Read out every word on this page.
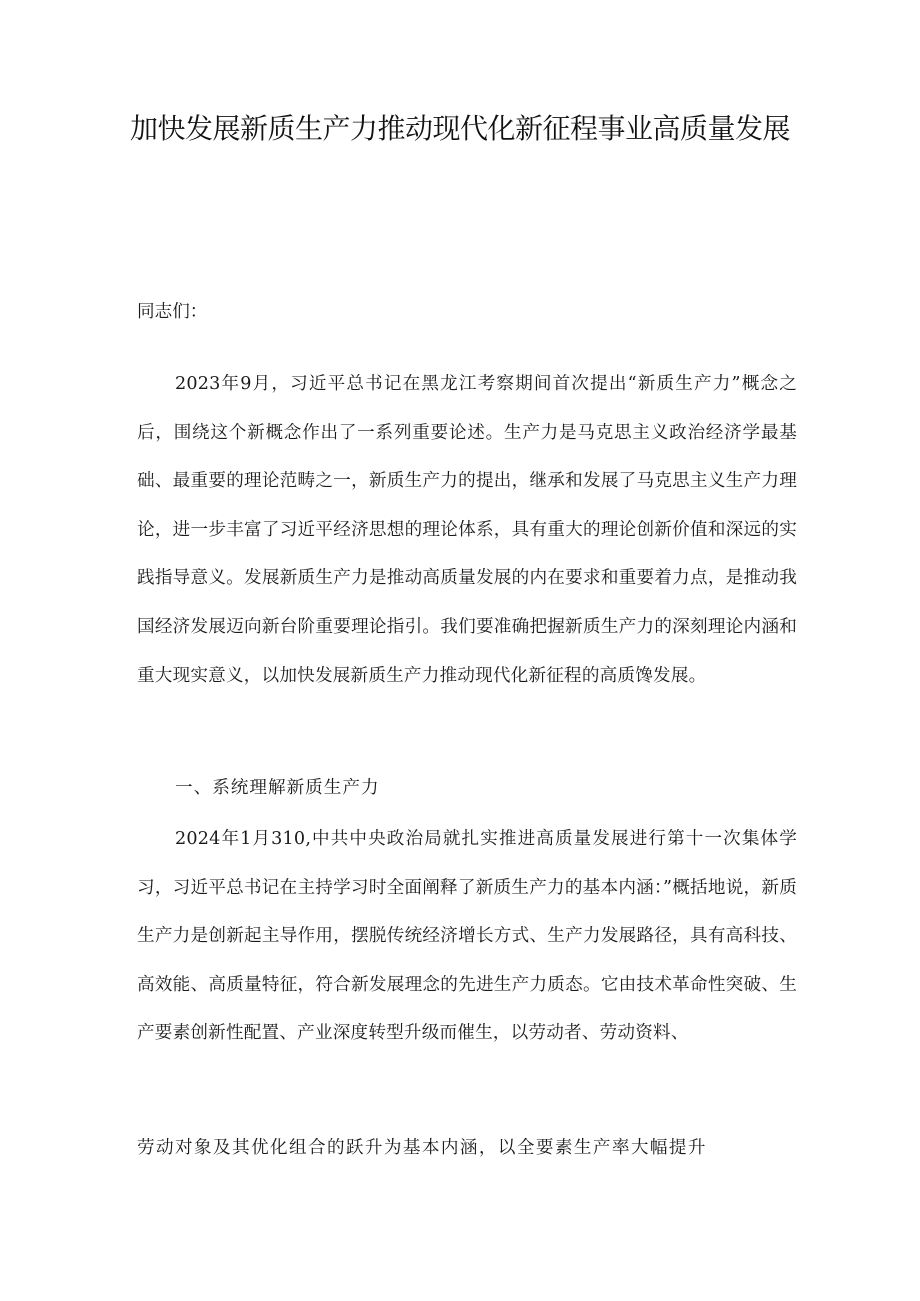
加快发展新质生产力推动现代化新征程事业高质量发展
同志们：
2023年9月，习近平总书记在黑龙江考察期间首次提出“新质生产力”概念之后，围绕这个新概念作出了一系列重要论述。生产力是马克思主义政治经济学最基础、最重要的理论范畴之一，新质生产力的提出，继承和发展了马克思主义生产力理论，进一步丰富了习近平经济思想的理论体系，具有重大的理论创新价值和深远的实践指导意义。发展新质生产力是推动高质量发展的内在要求和重要着力点，是推动我国经济发展迈向新台阶重要理论指引。我们要准确把握新质生产力的深刻理论内涵和重大现实意义，以加快发展新质生产力推动现代化新征程的高质馋发展。
一、系统理解新质生产力
2024年1月310,中共中央政治局就扎实推进高质量发展进行第十一次集体学习，习近平总书记在主持学习时全面阐释了新质生产力的基本内涵：”概括地说，新质生产力是创新起主导作用，摆脱传统经济增长方式、生产力发展路径，具有高科技、高效能、高质量特征，符合新发展理念的先进生产力质态。它由技术革命性突破、生产要素创新性配置、产业深度转型升级而催生，以劳动者、劳动资料、
劳动对象及其优化组合的跃升为基本内涵，以全要素生产率大幅提升
